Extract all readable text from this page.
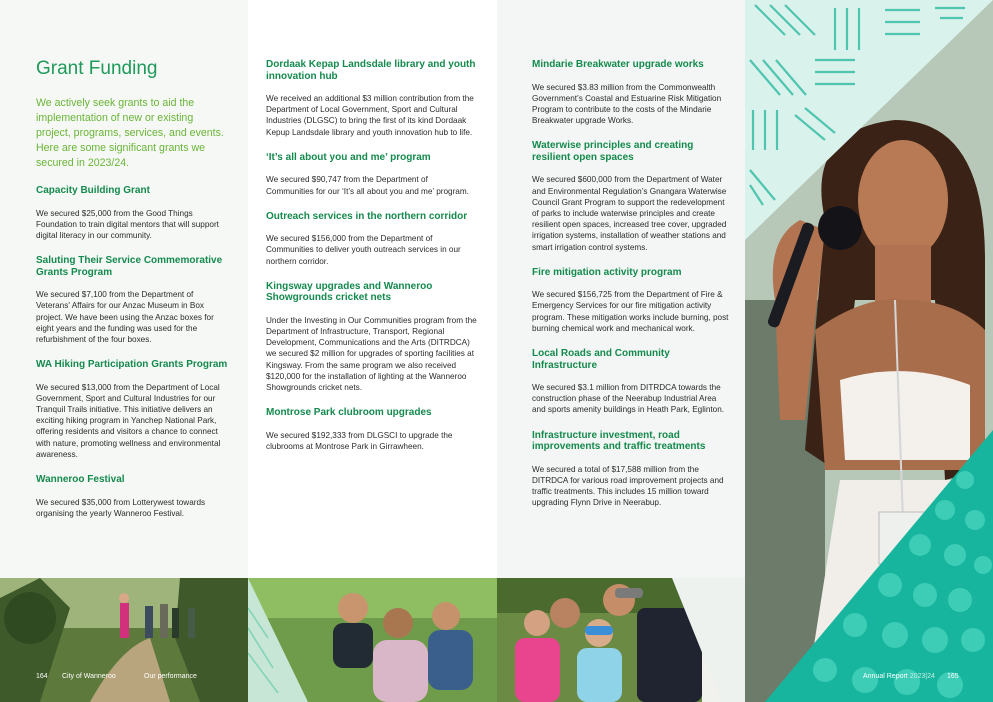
Grant Funding

We actively seek grants to aid the implementation of new or existing project, programs, services, and events. Here are some significant grants we secured in 2023/24.

Capacity Building Grant

We secured $25,000 from the Good Things Foundation to train digital mentors that will support digital literacy in our community.

Saluting Their Service Commemorative Grants Program

We secured $7,100 from the Department of Veterans' Affairs for our Anzac Museum in Box project. We have been using the Anzac boxes for eight years and the funding was used for the refurbishment of the four boxes.

WA Hiking Participation Grants Program

We secured $13,000 from the Department of Local Government, Sport and Cultural Industries for our Tranquil Trails initiative. This initiative delivers an exciting hiking program in Yanchep National Park, offering residents and visitors a chance to connect with nature, promoting wellness and environmental awareness.

Wanneroo Festival

We secured $35,000 from Lotterywest towards organising the yearly Wanneroo Festival.

Dordaak Kepap Landsdale library and youth innovation hub

We received an additional $3 million contribution from the Department of Local Government, Sport and Cultural Industries (DLGSC) to bring the first of its kind Dordaak Kepup Landsdale library and youth innovation hub to life.

‘It’s all about you and me’ program

We secured $90,747 from the Department of Communities for our ‘It’s all about you and me’ program.

Outreach services in the northern corridor

We secured $156,000 from the Department of Communities to deliver youth outreach services in our northern corridor.

Kingsway upgrades and Wanneroo Showgrounds cricket nets

Under the Investing in Our Communities program from the Department of Infrastructure, Transport, Regional Development, Communications and the Arts (DITRDCA) we secured $2 million for upgrades of sporting facilities at Kingsway. From the same program we also received $120,000 for the installation of lighting at the Wanneroo Showgrounds cricket nets.

Montrose Park clubroom upgrades

We secured $192,333 from DLGSCI to upgrade the clubrooms at Montrose Park in Girrawheen.

Mindarie Breakwater upgrade works

We secured $3.83 million from the Commonwealth Government’s Coastal and Estuarine Risk Mitigation Program to contribute to the costs of the Mindarie Breakwater upgrade Works.

Waterwise principles and creating resilient open spaces

We secured $600,000 from the Department of Water and Environmental Regulation’s Gnangara Waterwise Council Grant Program to support the redevelopment of parks to include waterwise principles and create resilient open spaces, increased tree cover, upgraded irrigation systems, installation of weather stations and smart irrigation control systems.

Fire mitigation activity program

We secured $156,725 from the Department of Fire & Emergency Services for our fire mitigation activity program. These mitigation works include burning, post burning chemical work and mechanical work.

Local Roads and Community Infrastructure

We secured $3.1 million from DITRDCA towards the construction phase of the Neerabup Industrial Area and sports amenity buildings in Heath Park, Eglinton.

Infrastructure investment, road improvements and traffic treatments

We secured a total of $17,588 million from the DITRDCA for various road improvement projects and traffic treatments. This includes 15 million toward upgrading Flynn Drive in Neerabup.

164 City of Wanneroo	Our performance	Annual Report 2023|24 165
